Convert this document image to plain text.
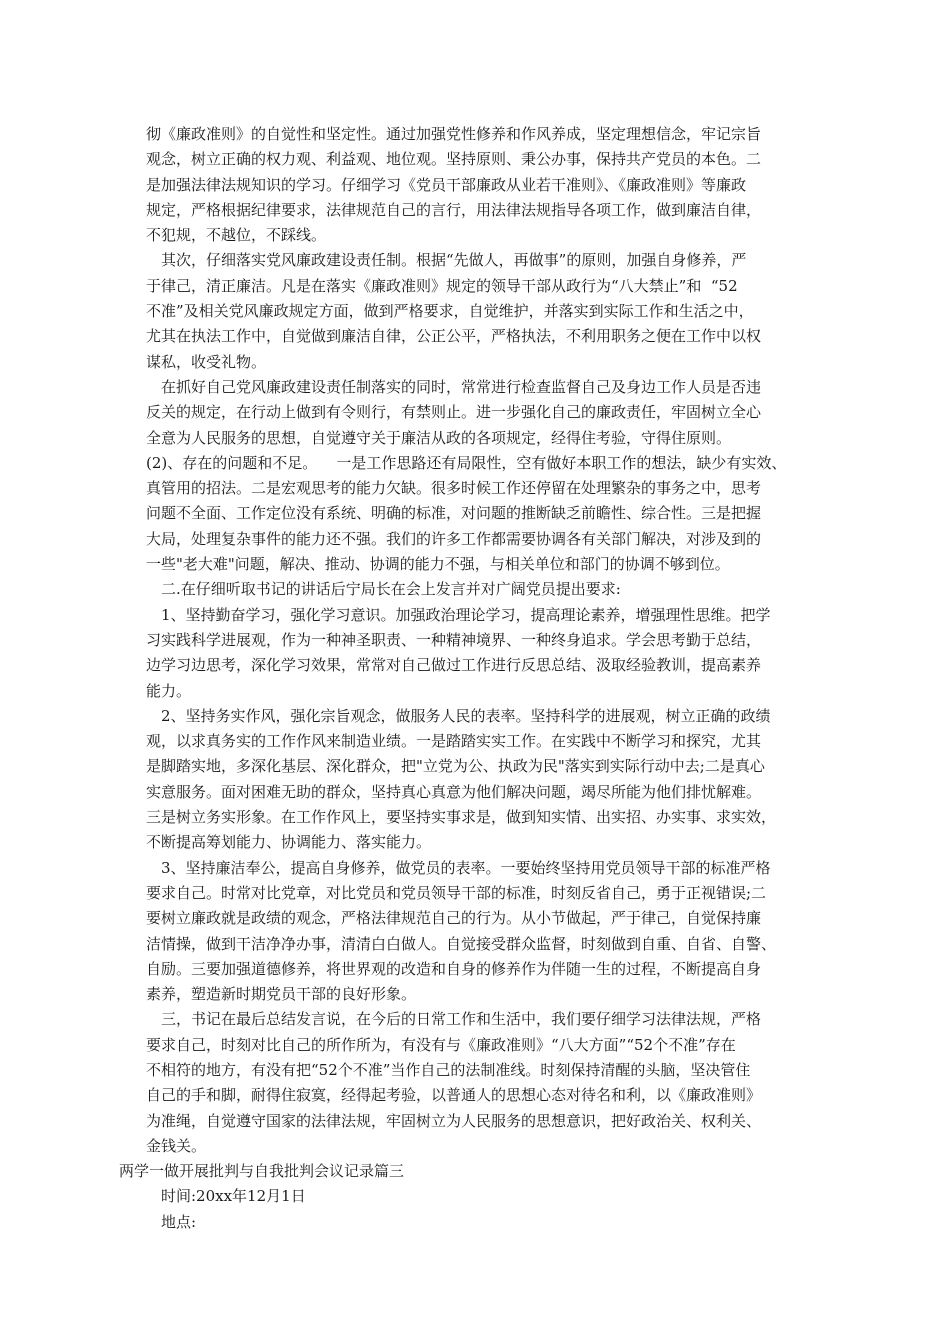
彻《廉政准则》的自觉性和坚定性。通过加强党性修养和作风养成，坚定理想信念，牢记宗旨
观念，树立正确的权力观、利益观、地位观。坚持原则、秉公办事，保持共产党员的本色。二
是加强法律法规知识的学习。仔细学习《党员干部廉政从业若干准则》、《廉政准则》等廉政
规定，严格根据纪律要求，法律规范自己的言行，用法律法规指导各项工作，做到廉洁自律，
不犯规，不越位，不踩线。
其次，仔细落实党风廉政建设责任制。根据“先做人，再做事”的原则，加强自身修养，严
于律己，清正廉洁。凡是在落实《廉政准则》规定的领导干部从政行为“八大禁止”和  “52
不准”及相关党风廉政规定方面，做到严格要求，自觉维护，并落实到实际工作和生活之中，
尤其在执法工作中，自觉做到廉洁自律，公正公平，严格执法，不利用职务之便在工作中以权
谋私，收受礼物。
在抓好自己党风廉政建设责任制落实的同时，常常进行检查监督自己及身边工作人员是否违
反关的规定，在行动上做到有令则行，有禁则止。进一步强化自己的廉政责任，牢固树立全心
全意为人民服务的思想，自觉遵守关于廉洁从政的各项规定，经得住考验，守得住原则。
(2)、存在的问题和不足。    一是工作思路还有局限性，空有做好本职工作的想法，缺少有实效、
真管用的招法。二是宏观思考的能力欠缺。很多时候工作还停留在处理繁杂的事务之中，思考
问题不全面、工作定位没有系统、明确的标准，对问题的推断缺乏前瞻性、综合性。三是把握
大局，处理复杂事件的能力还不强。我们的许多工作都需要协调各有关部门解决，对涉及到的
一些"老大难"问题，解决、推动、协调的能力不强，与相关单位和部门的协调不够到位。
二.在仔细听取书记的讲话后宁局长在会上发言并对广阔党员提出要求:
1、坚持勤奋学习，强化学习意识。加强政治理论学习，提高理论素养，增强理性思维。把学
习实践科学进展观，作为一种神圣职责、一种精神境界、一种终身追求。学会思考勤于总结，
边学习边思考，深化学习效果，常常对自己做过工作进行反思总结、汲取经验教训，提高素养
能力。
2、坚持务实作风，强化宗旨观念，做服务人民的表率。坚持科学的进展观，树立正确的政绩
观，以求真务实的工作作风来制造业绩。一是踏踏实实工作。在实践中不断学习和探究，尤其
是脚踏实地，多深化基层、深化群众，把"立党为公、执政为民"落实到实际行动中去;二是真心
实意服务。面对困难无助的群众，坚持真心真意为他们解决问题，竭尽所能为他们排忧解难。
三是树立务实形象。在工作作风上，要坚持实事求是，做到知实情、出实招、办实事、求实效，
不断提高筹划能力、协调能力、落实能力。
3、坚持廉洁奉公，提高自身修养，做党员的表率。一要始终坚持用党员领导干部的标准严格
要求自己。时常对比党章，对比党员和党员领导干部的标准，时刻反省自己，勇于正视错误;二
要树立廉政就是政绩的观念，严格法律规范自己的行为。从小节做起，严于律己，自觉保持廉
洁情操，做到干洁净净办事，清清白白做人。自觉接受群众监督，时刻做到自重、自省、自警、
自励。三要加强道德修养，将世界观的改造和自身的修养作为伴随一生的过程，不断提高自身
素养，塑造新时期党员干部的良好形象。
三，书记在最后总结发言说，在今后的日常工作和生活中，我们要仔细学习法律法规，严格
要求自己，时刻对比自己的所作所为，有没有与《廉政准则》“八大方面”“52个不准”存在
不相符的地方，有没有把“52个不准”当作自己的法制准线。时刻保持清醒的头脑，坚决管住
自己的手和脚，耐得住寂寞，经得起考验，以普通人的思想心态对待名和利，以《廉政准则》
为准绳，自觉遵守国家的法律法规，牢固树立为人民服务的思想意识，把好政治关、权利关、
金钱关。
两学一做开展批判与自我批判会议记录篇三
时间:20xx年12月1日
地点:
